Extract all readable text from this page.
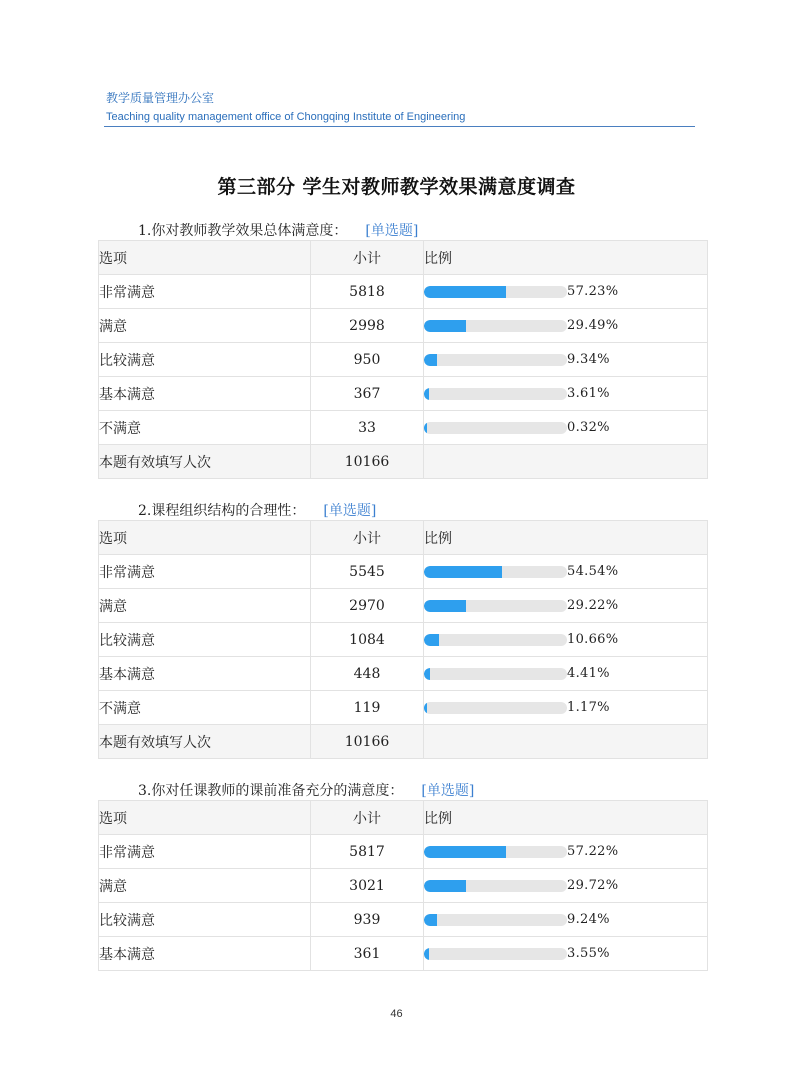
教学质量管理办公室
Teaching quality management office of Chongqing Institute of Engineering
第三部分 学生对教师教学效果满意度调查
1.你对教师教学效果总体满意度： [单选题]
选项	小计	比例
非常满意	5818	57.23%

满意	2998	29.49%

比较满意	950	9.34%

基本满意	367	3.61%

不满意	33	0.32%

本题有效填写人次	10166	
2.课程组织结构的合理性： [单选题]
选项	小计	比例
非常满意	5545	54.54%

满意	2970	29.22%

比较满意	1084	10.66%

基本满意	448	4.41%

不满意	119	1.17%

本题有效填写人次	10166	
3.你对任课教师的课前准备充分的满意度： [单选题]
选项	小计	比例
非常满意	5817	57.22%

满意	3021	29.72%

比较满意	939	9.24%

基本满意	361	3.55%
46
